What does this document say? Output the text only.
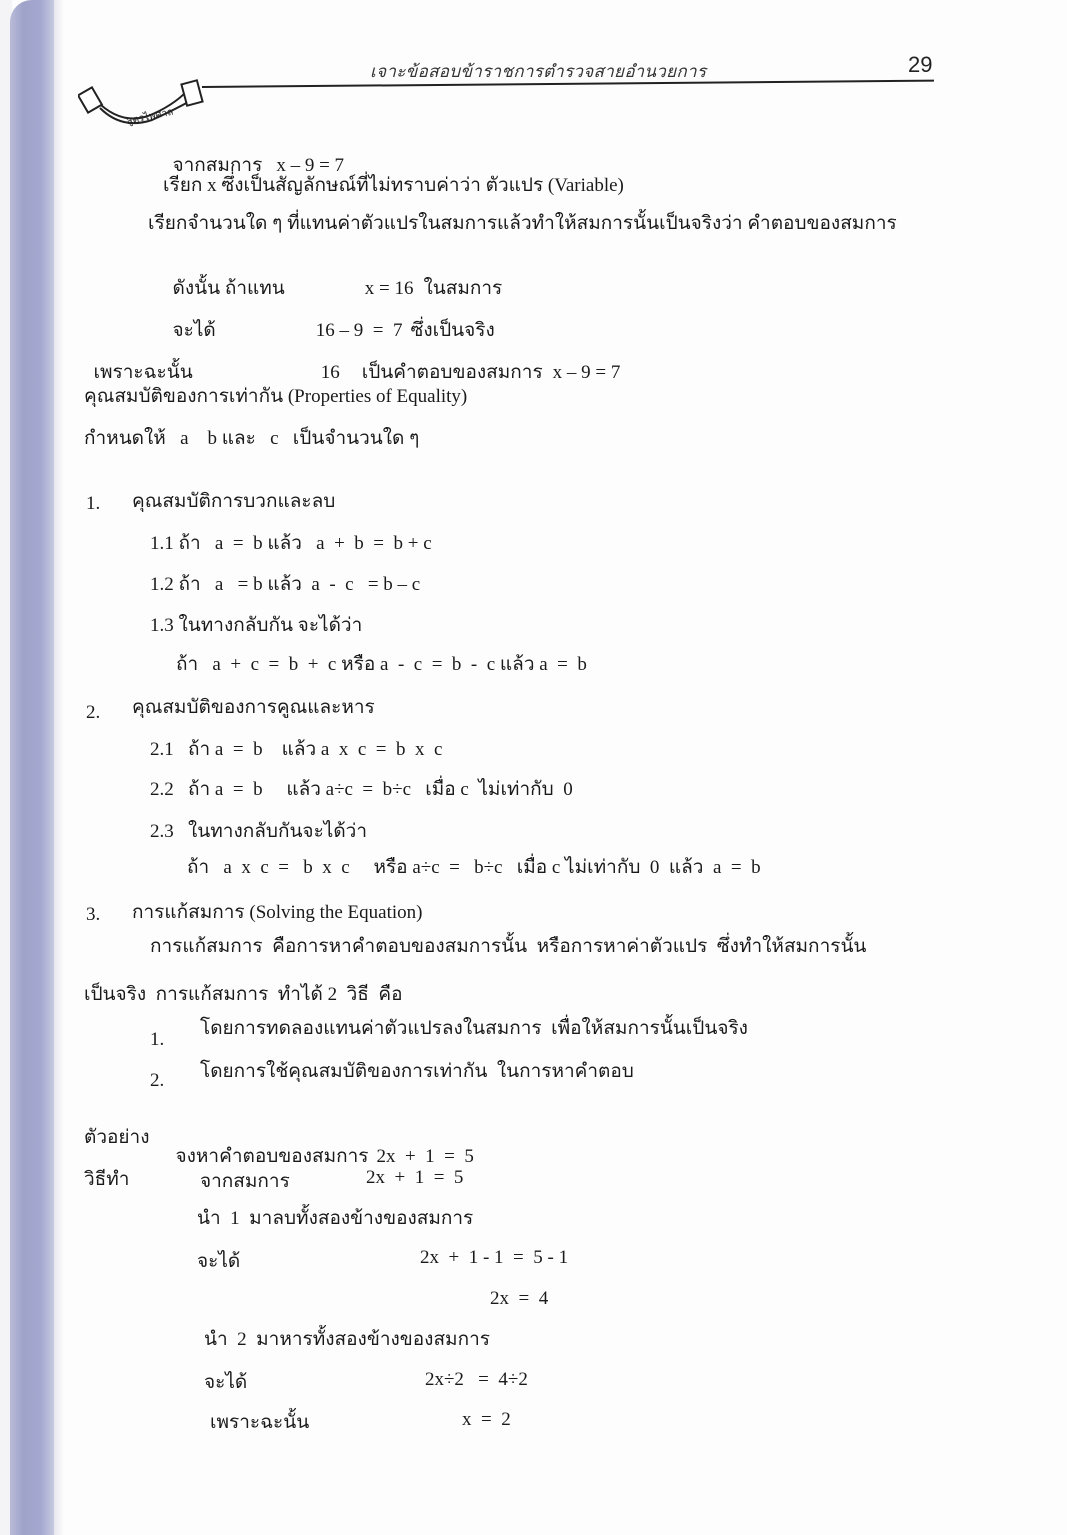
สูตรไพศาล
เจาะข้อสอบข้าราชการตำรวจสายอำนวยการ	29

จากสมการ x – 9 = 7

เรียก x ซึ่งเป็นสัญลักษณ์ที่ไม่ทราบค่าว่า ตัวแปร (Variable)
เรียกจำนวนใด ๆ ที่แทนค่าตัวแปรในสมการแล้วทำให้สมการนั้นเป็นจริงว่า คำตอบของสมการ

ดังนั้น ถ้าแทน	x = 16 ในสมการ

จะได้	16 – 9  =  7 ซึ่งเป็นจริง

เพราะฉะนั้น	16 เป็นคำตอบของสมการ x – 9 = 7

คุณสมบัติของการเท่ากัน (Properties of Equality)
กำหนดให้   a    b และ   c   เป็นจำนวนใด ๆ
1. คุณสมบัติการบวกและลบ
1.1 ถ้า   a  =  b แล้ว   a  +  b  =  b + c
1.2 ถ้า   a   = b แล้ว  a  -  c   = b – c
1.3 ในทางกลับกัน จะได้ว่า
ถ้า   a  +  c  =  b  +  c หรือ a  -  c  =  b  -  c แล้ว a  =  b
2. คุณสมบัติของการคูณและหาร
2.1   ถ้า a  =  b    แล้ว a  x  c  =  b  x  c
2.2   ถ้า a  =  b     แล้ว a÷c  =  b÷c   เมื่อ c  ไม่เท่ากับ  0
2.3   ในทางกลับกันจะได้ว่า
ถ้า   a  x  c  =   b  x  c     หรือ a÷c  =   b÷c   เมื่อ c ไม่เท่ากับ  0  แล้ว  a  =  b
3. การแก้สมการ (Solving the Equation)
การแก้สมการ  คือการหาคำตอบของสมการนั้น  หรือการหาค่าตัวแปร  ซึ่งทำให้สมการนั้น
เป็นจริง  การแก้สมการ  ทำได้ 2  วิธี  คือ
1.
โดยการทดลองแทนค่าตัวแปรลงในสมการ  เพื่อให้สมการนั้นเป็นจริง
2. โดยการใช้คุณสมบัติของการเท่ากัน  ในการหาคำตอบ
ตัวอย่าง

จงหาคำตอบของสมการ 2x  +  1  =  5

วิธีทำ	จากสมการ	2x  +  1  =  5
นำ  1  มาลบทั้งสองข้างของสมการ
จะได้	2x  +  1 - 1  =  5 - 1
2x  =  4
นำ  2  มาหารทั้งสองข้างของสมการ
จะได้	2x÷2   =  4÷2
เพราะฉะนั้น	x  =  2
